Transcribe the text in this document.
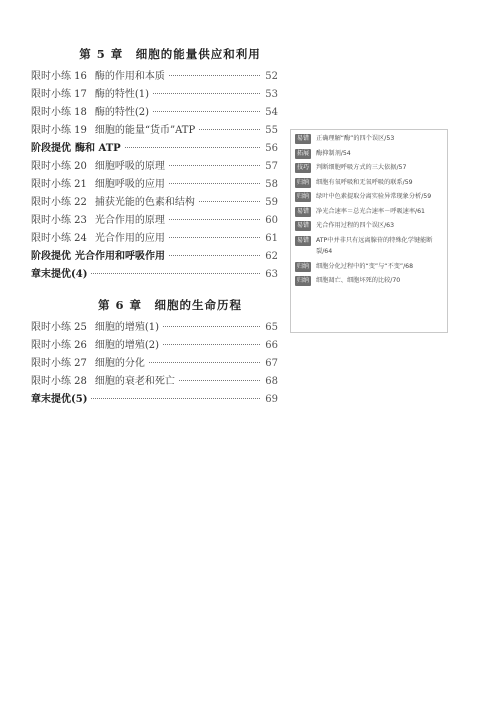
第 5 章　细胞的能量供应和利用
限时小练 16 酶的作用和本质	52
限时小练 17 酶的特性(1)	53
限时小练 18 酶的特性(2)	54
限时小练 19 细胞的能量“货币”ATP	55
阶段提优 酶和 ATP	56
限时小练 20 细胞呼吸的原理	57
限时小练 21 细胞呼吸的应用	58
限时小练 22 捕获光能的色素和结构	59
限时小练 23 光合作用的原理	60
限时小练 24 光合作用的应用	61
阶段提优 光合作用和呼吸作用	62
章末提优(4)	63
第 6 章　细胞的生命历程
限时小练 25 细胞的增殖(1)	65
限时小练 26 细胞的增殖(2)	66
限时小练 27 细胞的分化	67
限时小练 28 细胞的衰老和死亡	68
章末提优(5)	69
易错	正确理解“酶”的四个误区/53
拓展	酶抑制剂/54
技巧	判断细胞呼吸方式的三大依据/57
归纳	细胞有氧呼吸和无氧呼吸的联系/59
归纳	绿叶中色素提取分离实验异常现象分析/59
易错	净光合速率＝总光合速率－呼吸速率/61
易错	光合作用过程的四个误区/63
易错	ATP中并非只有远离腺苷的特殊化学键能断裂/64
归纳	细胞分化过程中的“变”与“不变”/68
归纳	细胞凋亡、细胞坏死的比较/70
